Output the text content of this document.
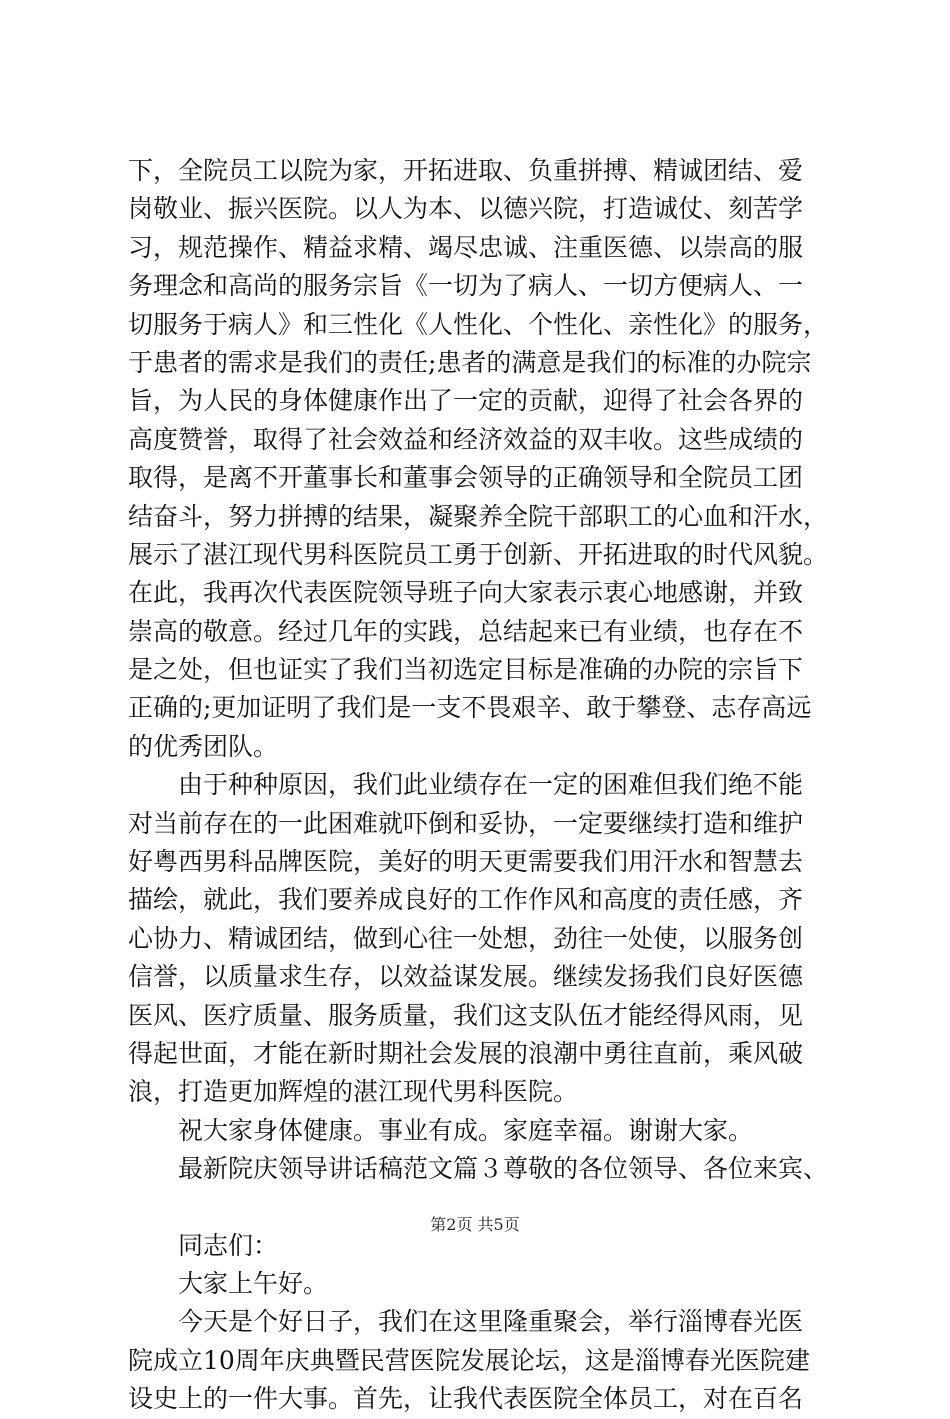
下，全院员工以院为家，开拓进取、负重拼搏、精诚团结、爱
岗敬业、振兴医院。以人为本、以德兴院，打造诚仗、刻苦学
习，规范操作、精益求精、竭尽忠诚、注重医德、以崇高的服
务理念和高尚的服务宗旨《一切为了病人、一切方便病人、一
切服务于病人》和三性化《人性化、个性化、亲性化》的服务，
于患者的需求是我们的责任;患者的满意是我们的标准的办院宗
旨，为人民的身体健康作出了一定的贡献，迎得了社会各界的
高度赞誉，取得了社会效益和经济效益的双丰收。这些成绩的
取得，是离不开董事长和董事会领导的正确领导和全院员工团
结奋斗，努力拼搏的结果，凝聚养全院干部职工的心血和汗水，
展示了湛江现代男科医院员工勇于创新、开拓进取的时代风貌。
在此，我再次代表医院领导班子向大家表示衷心地感谢，并致
崇高的敬意。经过几年的实践，总结起来已有业绩，也存在不
是之处，但也证实了我们当初选定目标是准确的办院的宗旨下
正确的;更加证明了我们是一支不畏艰辛、敢于攀登、志存高远
的优秀团队。
　　由于种种原因，我们此业绩存在一定的困难但我们绝不能
对当前存在的一此困难就吓倒和妥协，一定要继续打造和维护
好粤西男科品牌医院，美好的明天更需要我们用汗水和智慧去
描绘，就此，我们要养成良好的工作作风和高度的责任感，齐
心协力、精诚团结，做到心往一处想，劲往一处使，以服务创
信誉，以质量求生存，以效益谋发展。继续发扬我们良好医德
医风、医疗质量、服务质量，我们这支队伍才能经得风雨，见
得起世面，才能在新时期社会发展的浪潮中勇往直前，乘风破
浪，打造更加辉煌的湛江现代男科医院。
　　祝大家身体健康。事业有成。家庭幸福。谢谢大家。
　　最新院庆领导讲话稿范文篇３尊敬的各位领导、各位来宾、
　　同志们：
　　大家上午好。
　　今天是个好日子，我们在这里隆重聚会，举行淄博春光医
院成立10周年庆典暨民营医院发展论坛，这是淄博春光医院建
设史上的一件大事。首先，让我代表医院全体员工，对在百名
第2页 共5页
